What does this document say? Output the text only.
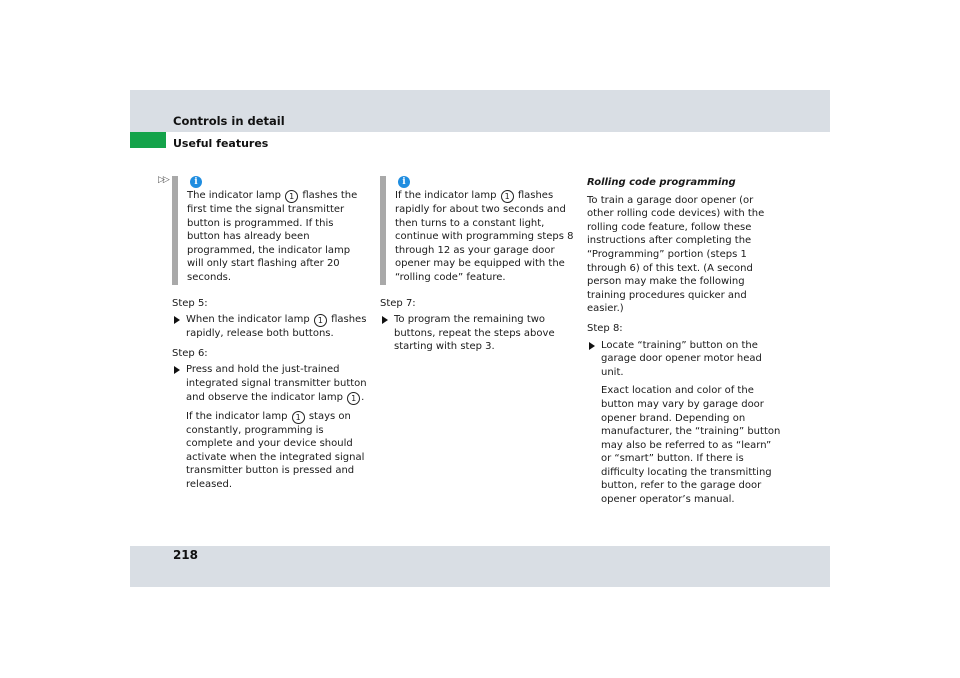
Controls in detail
Useful features
▷▷	i

The indicator lamp 1 flashes the first time the signal transmitter button is programmed. If this button has already been programmed, the indicator lamp will only start flashing after 20 seconds.

Step 5:

When the indicator lamp 1 flashes rapidly, release both buttons.

Step 6:

Press and hold the just-trained integrated signal transmitter button and observe the indicator lamp 1 .

If the indicator lamp 1 stays on constantly, programming is complete and your device should activate when the integrated signal transmitter button is pressed and released.

i

If the indicator lamp 1 flashes rapidly for about two seconds and then turns to a constant light, continue with programming steps 8 through 12 as your garage door opener may be equipped with the “rolling code” feature.

Step 7:

To program the remaining two buttons, repeat the steps above starting with step 3.

Rolling code programming

To train a garage door opener (or other rolling code devices) with the rolling code feature, follow these instructions after completing the “Programming” portion (steps 1 through 6) of this text. (A second person may make the following training procedures quicker and easier.)

Step 8:

Locate “training” button on the garage door opener motor head unit.

Exact location and color of the button may vary by garage door opener brand. Depending on manufacturer, the “training” button may also be referred to as “learn” or “smart” button. If there is difficulty locating the transmitting button, refer to the garage door opener operator’s manual.

218
